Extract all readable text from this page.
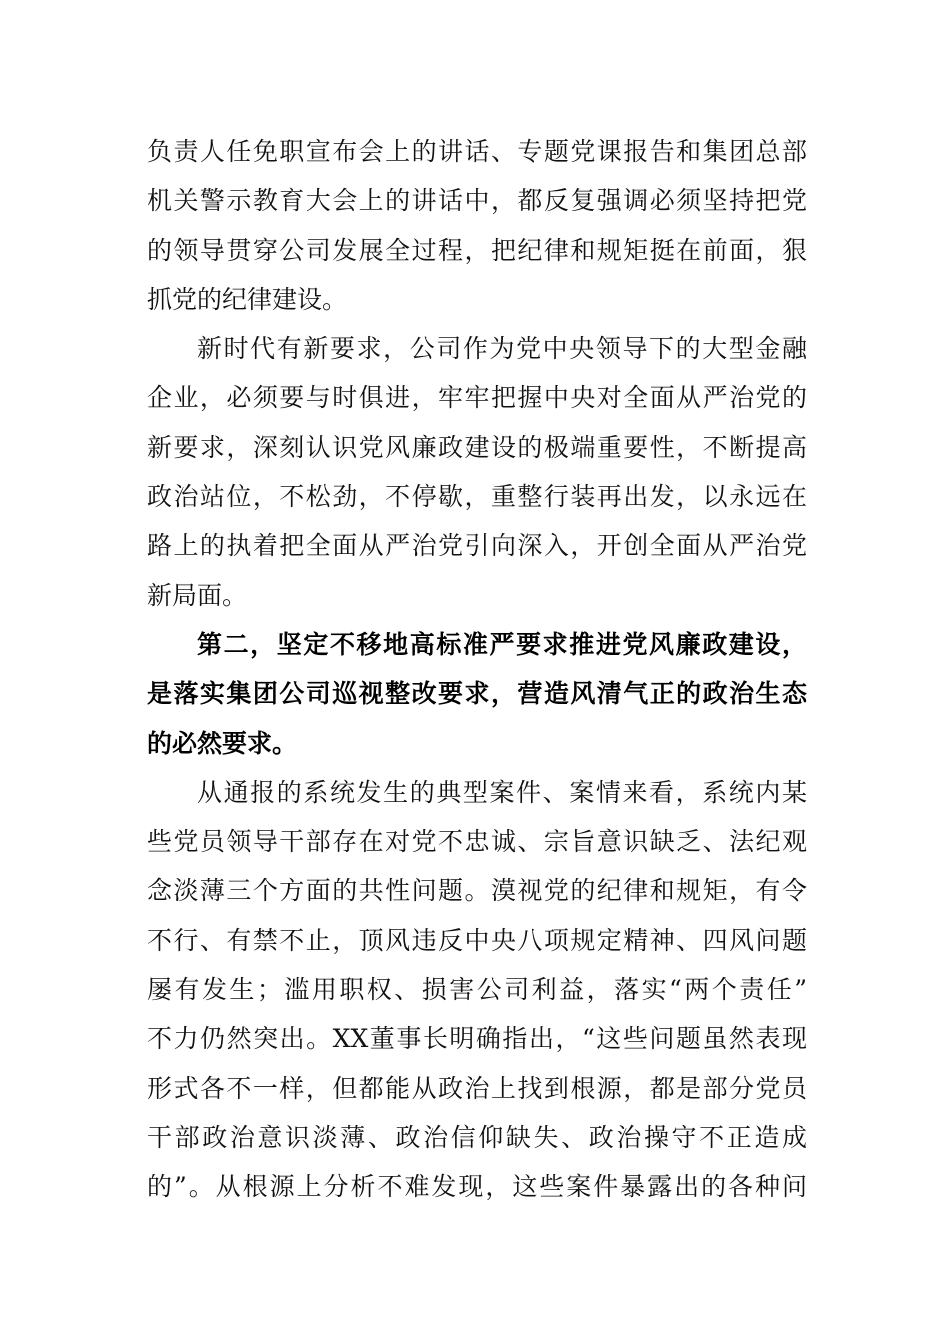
负责人任免职宣布会上的讲话、专题党课报告和集团总部
机关警示教育大会上的讲话中，都反复强调必须坚持把党
的领导贯穿公司发展全过程，把纪律和规矩挺在前面，狠
抓党的纪律建设。
新时代有新要求，公司作为党中央领导下的大型金融
企业，必须要与时俱进，牢牢把握中央对全面从严治党的
新要求，深刻认识党风廉政建设的极端重要性，不断提高
政治站位，不松劲，不停歇，重整行装再出发，以永远在
路上的执着把全面从严治党引向深入，开创全面从严治党
新局面。
第二，坚定不移地高标准严要求推进党风廉政建设，
是落实集团公司巡视整改要求，营造风清气正的政治生态
的必然要求。
从通报的系统发生的典型案件、案情来看，系统内某
些党员领导干部存在对党不忠诚、宗旨意识缺乏、法纪观
念淡薄三个方面的共性问题。漠视党的纪律和规矩，有令
不行、有禁不止，顶风违反中央八项规定精神、四风问题
屡有发生；滥用职权、损害公司利益，落实“两个责任”
不力仍然突出。XX董事长明确指出，“这些问题虽然表现
形式各不一样，但都能从政治上找到根源，都是部分党员
干部政治意识淡薄、政治信仰缺失、政治操守不正造成
的”。从根源上分析不难发现，这些案件暴露出的各种问
